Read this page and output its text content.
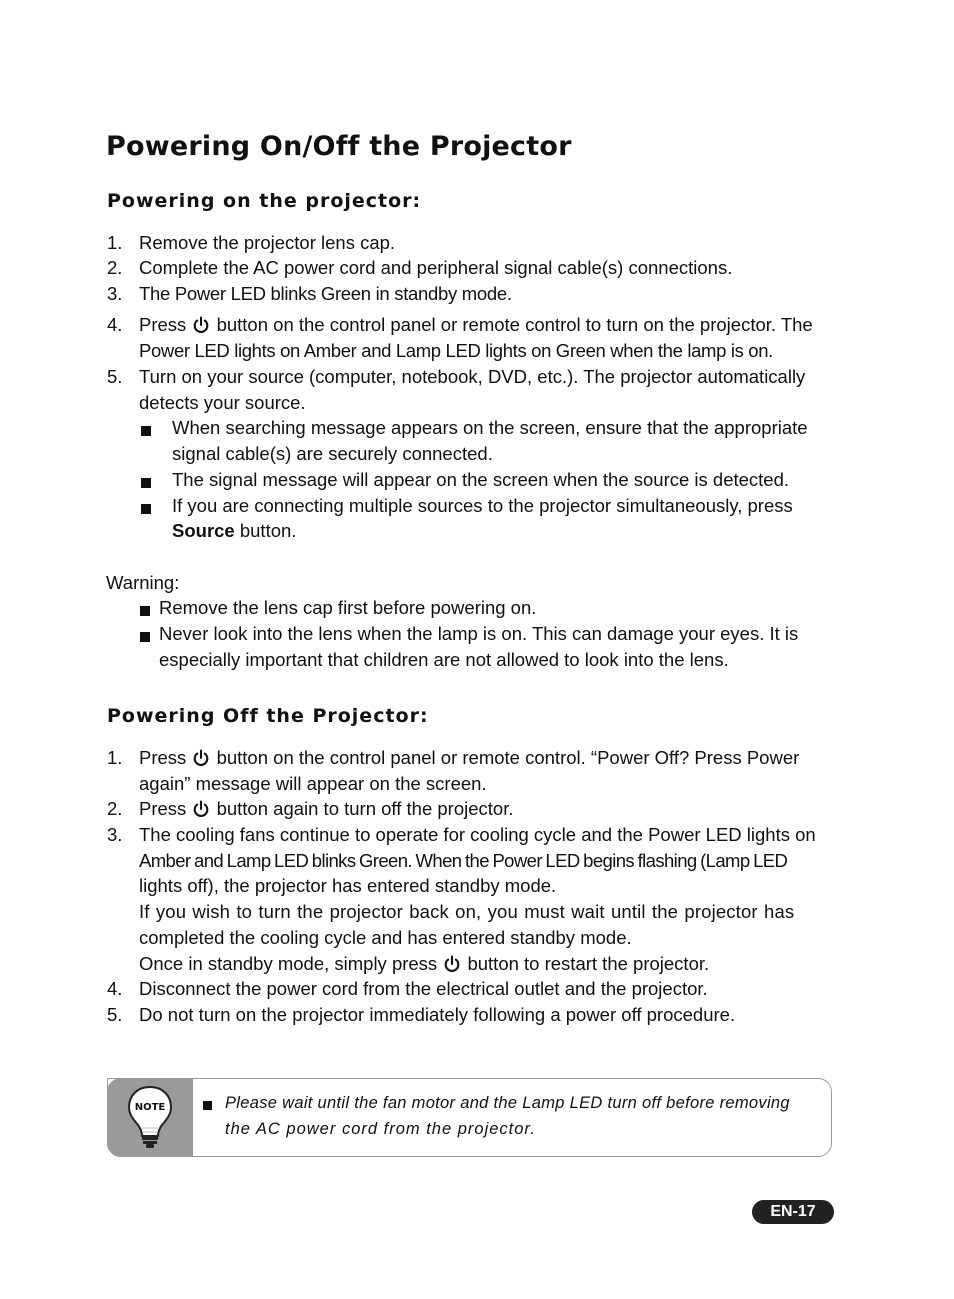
Powering On/Off the Projector
Powering on the projector:
1. Remove the projector lens cap.
2. Complete the AC power cord and peripheral signal cable(s) connections.
3. The Power LED blinks Green in standby mode.
4. Press button on the control panel or remote control to turn on the projector. The
Power LED lights on Amber and Lamp LED lights on Green when the lamp is on.
5. Turn on your source (computer, notebook, DVD, etc.). The projector automatically
detects your source.
When searching message appears on the screen, ensure that the appropriate
signal cable(s) are securely connected.
The signal message will appear on the screen when the source is detected.
If you are connecting multiple sources to the projector simultaneously, press
Source button.
Warning:
Remove the lens cap first before powering on.
Never look into the lens when the lamp is on. This can damage your eyes. It is
especially important that children are not allowed to look into the lens.
Powering Off the Projector:
1. Press button on the control panel or remote control. “Power Off? Press Power
again” message will appear on the screen.
2. Press button again to turn off the projector.
3. The cooling fans continue to operate for cooling cycle and the Power LED lights on
Amber and Lamp LED blinks Green. When the Power LED begins flashing (Lamp LED
lights off), the projector has entered standby mode.
If you wish to turn the projector back on, you must wait until the projector has
completed the cooling cycle and has entered standby mode.
Once in standby mode, simply press button to restart the projector.
4. Disconnect the power cord from the electrical outlet and the projector.
5. Do not turn on the projector immediately following a power off procedure.
NOTE	Please wait until the fan motor and the Lamp LED turn off before removing
the AC power cord from the projector.
EN-17
